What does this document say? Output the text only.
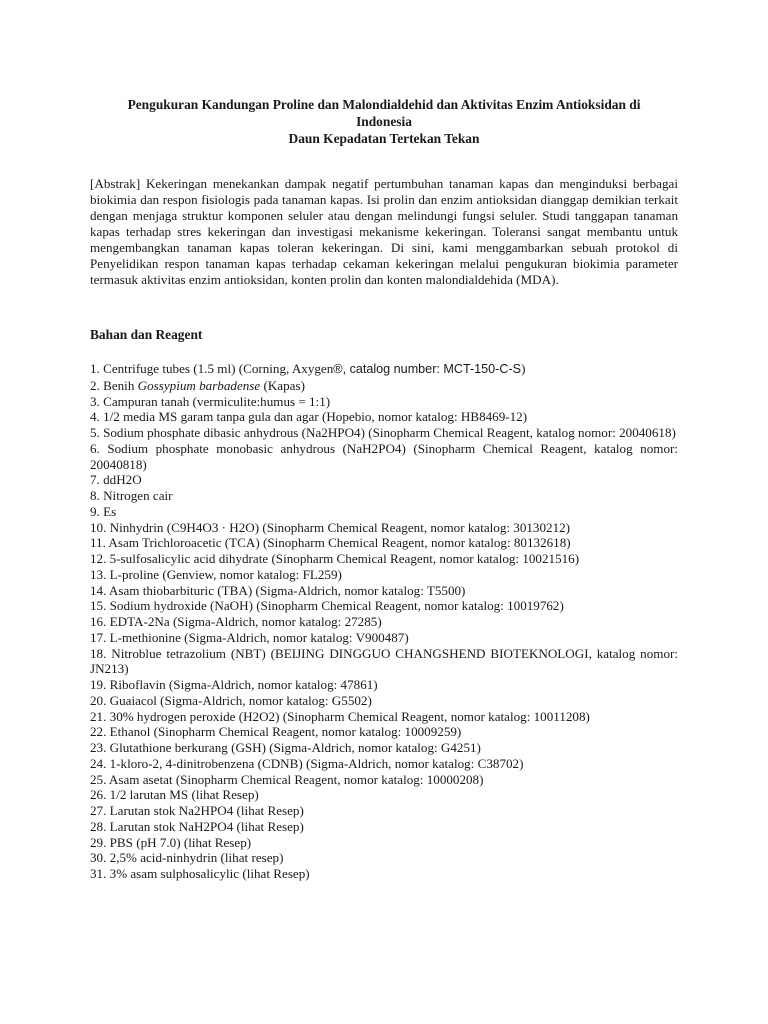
Pengukuran Kandungan Proline dan Malondialdehid dan Aktivitas Enzim Antioksidan di
Indonesia
Daun Kepadatan Tertekan Tekan

[Abstrak] Kekeringan menekankan dampak negatif pertumbuhan tanaman kapas dan menginduksi berbagai biokimia dan respon fisiologis pada tanaman kapas. Isi prolin dan enzim antioksidan dianggap demikian terkait dengan menjaga struktur komponen seluler atau dengan melindungi fungsi seluler. Studi tanggapan tanaman kapas terhadap stres kekeringan dan investigasi mekanisme kekeringan. Toleransi sangat membantu untuk mengembangkan tanaman kapas toleran kekeringan. Di sini, kami menggambarkan sebuah protokol di Penyelidikan respon tanaman kapas terhadap cekaman kekeringan melalui pengukuran biokimia parameter termasuk aktivitas enzim antioksidan, konten prolin dan konten malondialdehida (MDA).

Bahan dan Reagent
1. Centrifuge tubes (1.5 ml) (Corning, Axygen®, catalog number: MCT-150-C-S)
2. Benih Gossypium barbadense (Kapas)
3. Campuran tanah (vermiculite:humus = 1:1)
4. 1/2 media MS garam tanpa gula dan agar (Hopebio, nomor katalog: HB8469-12)
5. Sodium phosphate dibasic anhydrous (Na2HPO4) (Sinopharm Chemical Reagent, katalog nomor: 20040618)
6. Sodium phosphate monobasic anhydrous (NaH2PO4) (Sinopharm Chemical Reagent, katalog nomor: 20040818)
7. ddH2O
8. Nitrogen cair
9. Es
10. Ninhydrin (C9H4O3 · H2O) (Sinopharm Chemical Reagent, nomor katalog: 30130212)
11. Asam Trichloroacetic (TCA) (Sinopharm Chemical Reagent, nomor katalog: 80132618)
12. 5-sulfosalicylic acid dihydrate (Sinopharm Chemical Reagent, nomor katalog: 10021516)
13. L-proline (Genview, nomor katalog: FL259)
14. Asam thiobarbituric (TBA) (Sigma-Aldrich, nomor katalog: T5500)
15. Sodium hydroxide (NaOH) (Sinopharm Chemical Reagent, nomor katalog: 10019762)
16. EDTA-2Na (Sigma-Aldrich, nomor katalog: 27285)
17. L-methionine (Sigma-Aldrich, nomor katalog: V900487)
18. Nitroblue tetrazolium (NBT) (BEIJING DINGGUO CHANGSHEND BIOTEKNOLOGI, katalog nomor: JN213)
19. Riboflavin (Sigma-Aldrich, nomor katalog: 47861)
20. Guaiacol (Sigma-Aldrich, nomor katalog: G5502)
21. 30% hydrogen peroxide (H2O2) (Sinopharm Chemical Reagent, nomor katalog: 10011208)
22. Ethanol (Sinopharm Chemical Reagent, nomor katalog: 10009259)
23. Glutathione berkurang (GSH) (Sigma-Aldrich, nomor katalog: G4251)
24. 1-kloro-2, 4-dinitrobenzena (CDNB) (Sigma-Aldrich, nomor katalog: C38702)
25. Asam asetat (Sinopharm Chemical Reagent, nomor katalog: 10000208)
26. 1/2 larutan MS (lihat Resep)
27. Larutan stok Na2HPO4 (lihat Resep)
28. Larutan stok NaH2PO4 (lihat Resep)
29. PBS (pH 7.0) (lihat Resep)
30. 2,5% acid-ninhydrin (lihat resep)
31. 3% asam sulphosalicylic (lihat Resep)
